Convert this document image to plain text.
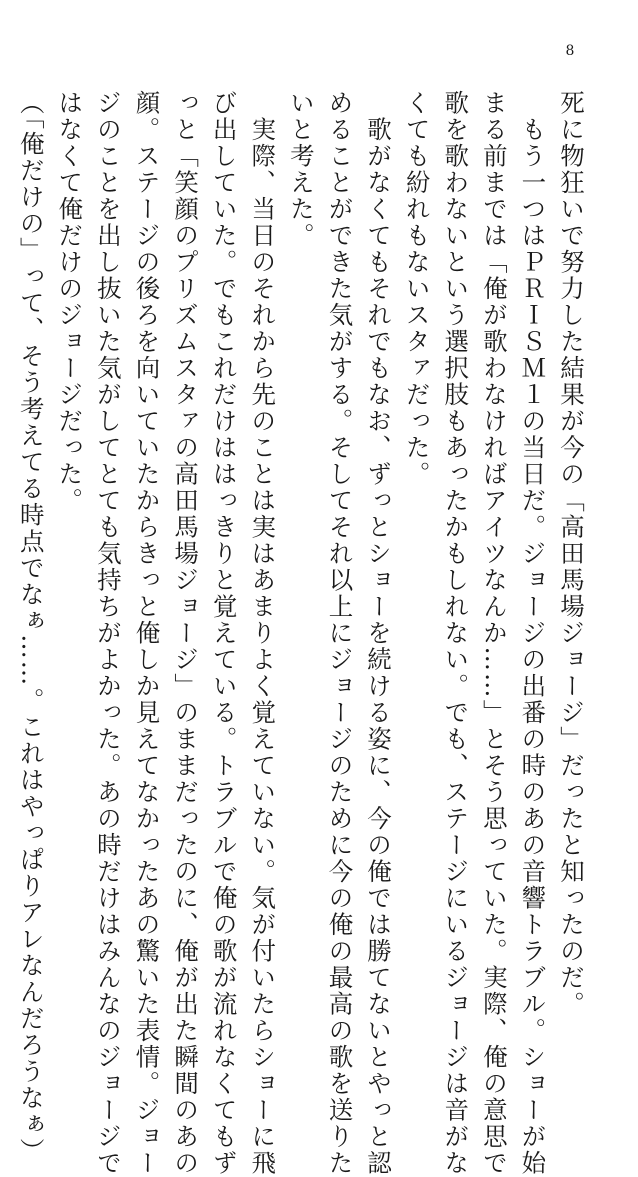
8
死に物狂いで努力した結果が今の「高田馬場ジョージ」だったと知ったのだ。
　もう一つはＰＲＩＳＭ１の当日だ。ジョージの出番の時のあの音響トラブル。ショーが始
まる前までは「俺が歌わなければアイツなんか……」とそう思っていた。実際、俺の意思で
歌を歌わないという選択肢もあったかもしれない。でも、ステージにいるジョージは音がな
くても紛れもないスタァだった。
　歌がなくてもそれでもなお、ずっとショーを続ける姿に、今の俺では勝てないとやっと認
めることができた気がする。そしてそれ以上にジョージのために今の俺の最高の歌を送りた
いと考えた。
　実際、当日のそれから先のことは実はあまりよく覚えていない。気が付いたらショーに飛
び出していた。でもこれだけははっきりと覚えている。トラブルで俺の歌が流れなくてもず
っと「笑顔のプリズムスタァの高田馬場ジョージ」のままだったのに、俺が出た瞬間のあの
顔。ステージの後ろを向いていたからきっと俺しか見えてなかったあの驚いた表情。ジョー
ジのことを出し抜いた気がしてとても気持ちがよかった。あの時だけはみんなのジョージで
はなくて俺だけのジョージだった。
（「俺だけの」って、そう考えてる時点でなぁ……。これはやっぱりアレなんだろうなぁ）
